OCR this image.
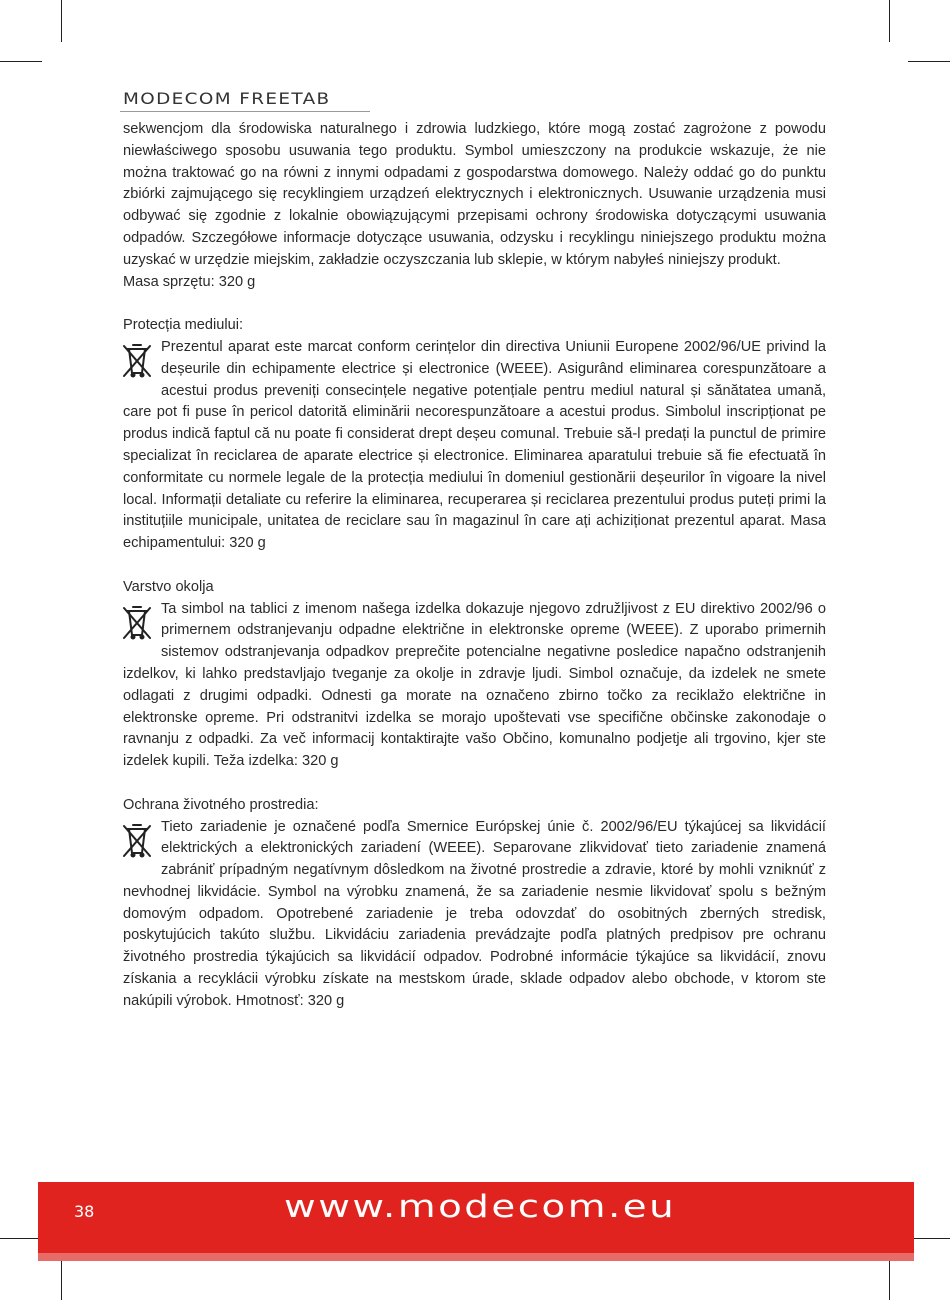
MODECOM FREETAB

sekwencjom dla środowiska naturalnego i zdrowia ludzkiego, które mogą zostać zagrożone z powodu niewłaściwego sposobu usuwania tego produktu. Symbol umieszczony na produkcie wskazuje, że nie można traktować go na równi z innymi odpadami z gospodarstwa domowego. Należy oddać go do punktu zbiórki zajmującego się recyklingiem urządzeń elektrycznych i elektronicznych. Usuwanie urządzenia musi odbywać się zgodnie z lokalnie obowiązującymi przepisami ochrony środowiska dotyczącymi usuwania odpadów. Szczegółowe informacje dotyczące usuwania, odzysku i recyklingu niniejszego produktu można uzyskać w urzędzie miejskim, zakładzie oczyszczania lub sklepie, w którym nabyłeś niniejszy produkt.

Masa sprzętu: 320 g

Protecția mediului:

Prezentul aparat este marcat conform cerințelor din directiva Uniunii Europene 2002/96/UE privind la deșeurile din echipamente electrice și electronice (WEEE). Asigurând eliminarea corespunzătoare a acestui produs preveniți consecințele negative potențiale pentru mediul natural și sănătatea umană, care pot fi puse în pericol datorită eliminării necorespunzătoare a acestui produs. Simbolul inscripționat pe produs indică faptul că nu poate fi considerat drept deșeu comunal. Trebuie să-l predați la punctul de primire specializat în reciclarea de aparate electrice și electronice. Eliminarea aparatului trebuie să fie efectuată în conformitate cu normele legale de la protecția mediului în domeniul gestionării deșeurilor în vigoare la nivel local. Informații detaliate cu referire la eliminarea, recuperarea și reciclarea prezentului produs puteți primi la instituțiile municipale, unitatea de reciclare sau în magazinul în care ați achiziționat prezentul aparat. Masa echipamentului: 320 g

Varstvo okolja

Ta simbol na tablici z imenom našega izdelka dokazuje njegovo združljivost z EU direktivo 2002/96 o primernem odstranjevanju odpadne električne in elektronske opreme (WEEE). Z uporabo primernih sistemov odstranjevanja odpadkov preprečite potencialne negativne posledice napačno odstranjenih izdelkov, ki lahko predstavljajo tveganje za okolje in zdravje ljudi. Simbol označuje, da izdelek ne smete odlagati z drugimi odpadki. Odnesti ga morate na označeno zbirno točko za reciklažo električne in elektronske opreme. Pri odstranitvi izdelka se morajo upoštevati vse specifične občinske zakonodaje o ravnanju z odpadki. Za več informacij kontaktirajte vašo Občino, komunalno podjetje ali trgovino, kjer ste izdelek kupili. Teža izdelka: 320 g

Ochrana životného prostredia:

Tieto zariadenie je označené podľa Smernice Európskej únie č. 2002/96/EU týkajúcej sa likvidácií elektrických a elektronických zariadení (WEEE). Separovane zlikvidovať tieto zariadenie znamená zabrániť prípadným negatívnym dôsledkom na životné prostredie a zdravie, ktoré by mohli vzniknúť z nevhodnej likvidácie. Symbol na výrobku znamená, že sa zariadenie nesmie likvidovať spolu s bežným domovým odpadom. Opotrebené zariadenie je treba odovzdať do osobitných zberných stredisk, poskytujúcich takúto službu. Likvidáciu zariadenia prevádzajte podľa platných predpisov pre ochranu životného prostredia týkajúcich sa likvidácií odpadov. Podrobné informácie týkajúce sa likvidácií, znovu získania a recyklácii výrobku získate na mestskom úrade, sklade odpadov alebo obchode, v ktorom ste nakúpili výrobok. Hmotnosť: 320 g

38	www.modecom.eu
